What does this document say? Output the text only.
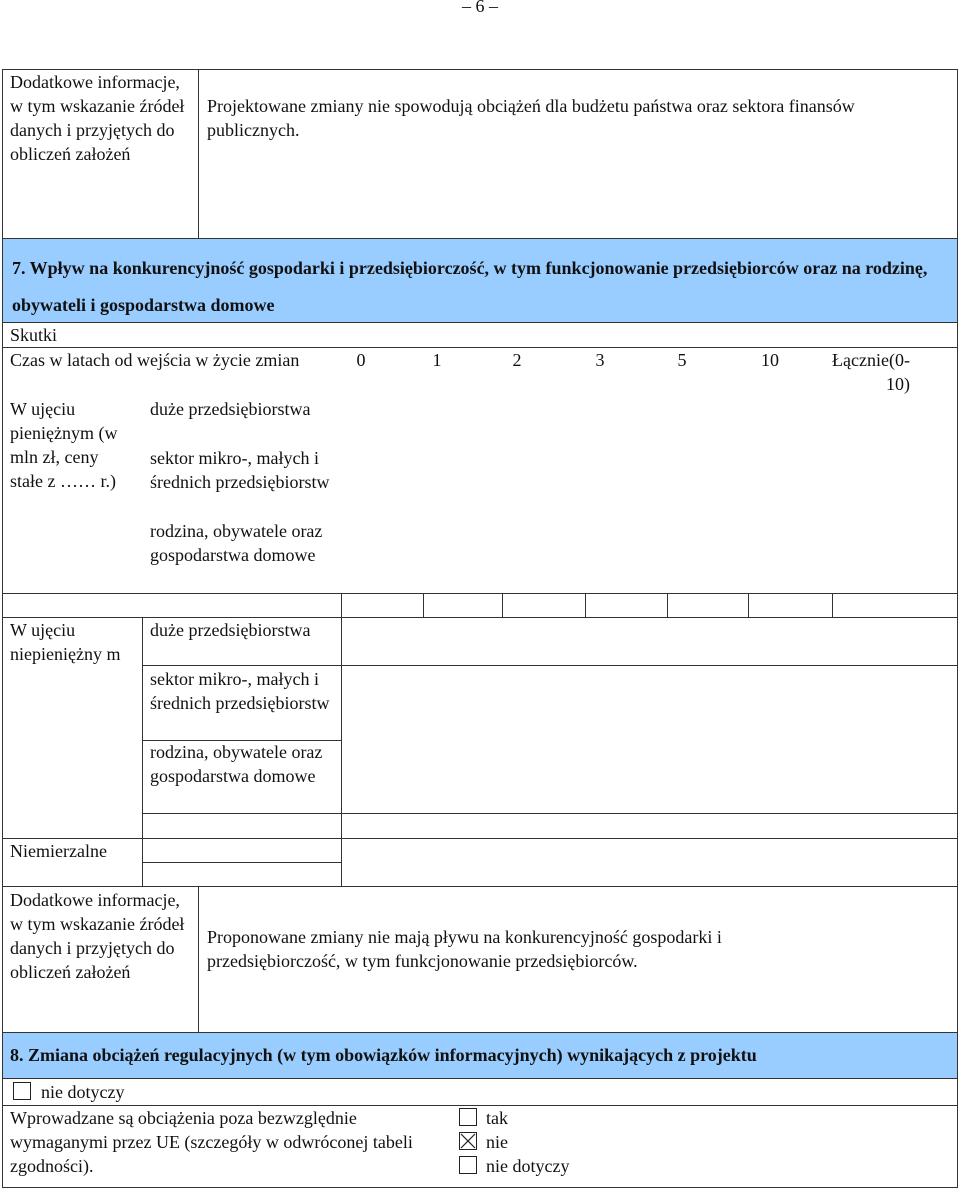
– 6 –
Dodatkowe informacje, w tym wskazanie źródeł danych i przyjętych do obliczeń założeń
Projektowane zmiany nie spowodują obciążeń dla budżetu państwa oraz sektora finansów publicznych.
7. Wpływ na konkurencyjność gospodarki i przedsiębiorczość, w tym funkcjonowanie przedsiębiorców oraz na rodzinę, obywateli i gospodarstwa domowe
Skutki
Czas w latach od wejścia w życie zmian	0	1	2	3	5	10	Łącznie(0-10)
W ujęciu pieniężnym (w mln zł, ceny stałe z …… r.)
duże przedsiębiorstwa
sektor mikro-, małych i średnich przedsiębiorstw
rodzina, obywatele oraz gospodarstwa domowe
W ujęciu niepieniężny m
duże przedsiębiorstwa
sektor mikro-, małych i średnich przedsiębiorstw
rodzina, obywatele oraz gospodarstwa domowe
Niemierzalne
Dodatkowe informacje, w tym wskazanie źródeł danych i przyjętych do obliczeń założeń
Proponowane zmiany nie mają pływu na konkurencyjność gospodarki i przedsiębiorczość, w tym funkcjonowanie przedsiębiorców.
8. Zmiana obciążeń regulacyjnych (w tym obowiązków informacyjnych) wynikających z projektu
nie dotyczy
Wprowadzane są obciążenia poza bezwzględnie wymaganymi przez UE (szczegóły w odwróconej tabeli zgodności).
tak
nie
nie dotyczy
